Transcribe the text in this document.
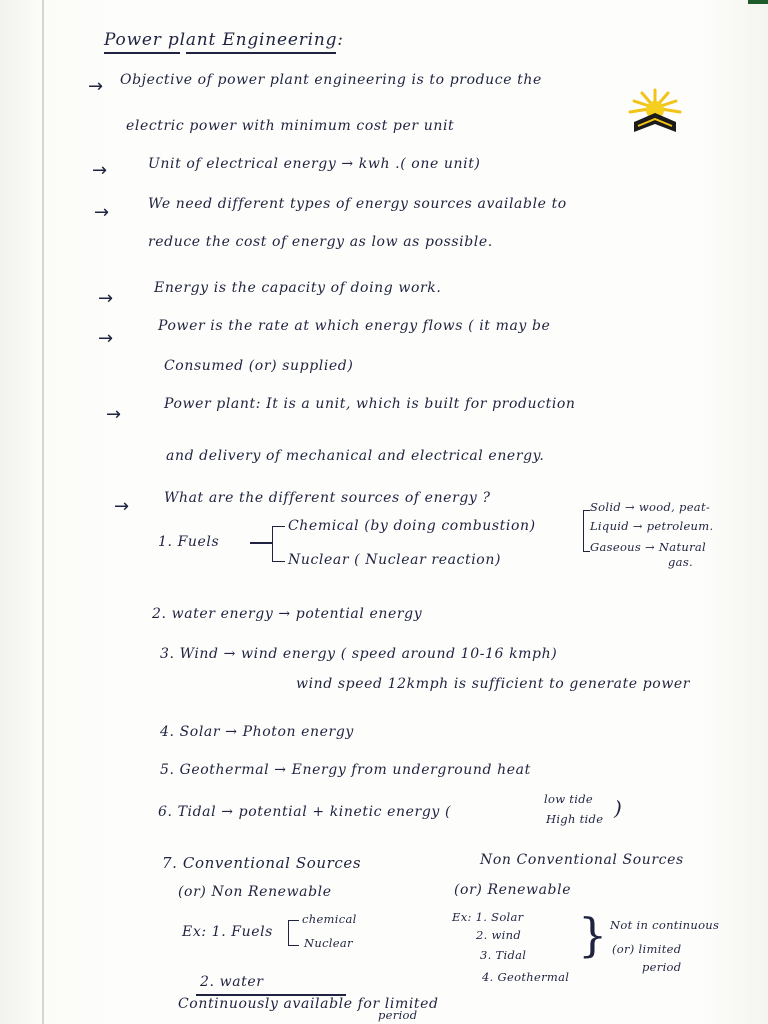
Power plant Engineering:
→ Objective of power plant engineering is to produce the
electric power with minimum cost per unit
→	Unit of electrical energy → kwh .( one unit)
→	We need different types of energy sources available to
reduce the cost of energy as low as possible.
→	Energy is the capacity of doing work.
→
Power is the rate at which energy flows ( it may be
Consumed (or) supplied)
→	Power plant: It is a unit, which is built for production
and delivery of mechanical and electrical energy.
→ What are the different sources of energy ?
1. Fuels
Chemical (by doing combustion)
Nuclear ( Nuclear reaction)
Solid → wood, peat-
Liquid → petroleum.
Gaseous → Natural
gas.
2. water energy → potential energy
3. Wind → wind energy ( speed around 10-16 kmph)
wind speed 12kmph is sufficient to generate power
4. Solar → Photon energy
5. Geothermal → Energy from underground heat
6. Tidal → potential + kinetic energy (
low tide
High tide )
7. Conventional Sources
(or) Non Renewable
Ex: 1. Fuels
chemical
Nuclear
2. water
Continuously available for limited
period
Non Conventional Sources
(or) Renewable
Ex: 1. Solar
2. wind
3. Tidal
4. Geothermal
} Not in continuous
(or) limited
period
